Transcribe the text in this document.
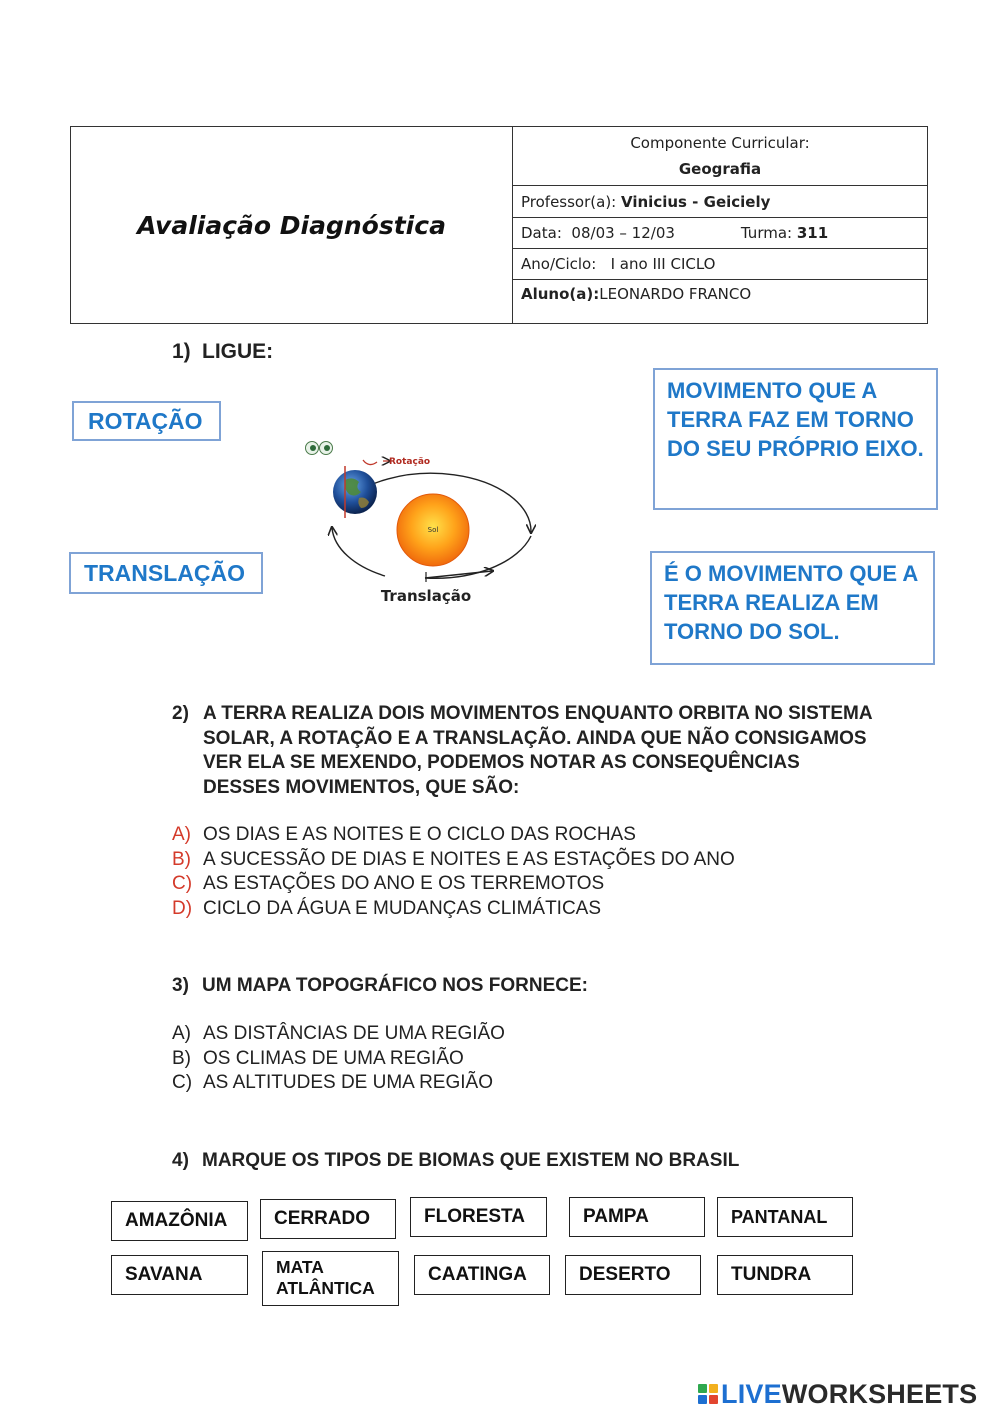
Avaliação Diagnóstica
Componente Curricular:
Geografia
Professor(a):
Vinicius - Geiciely
Data:
08/03 – 12/03	Turma:
311
Ano/Ciclo:
I ano III CICLO
Aluno(a): LEONARDO FRANCO
1) LIGUE:
ROTAÇÃO
TRANSLAÇÃO
MOVIMENTO QUE A TERRA FAZ EM TORNO DO SEU PRÓPRIO EIXO.
É O MOVIMENTO QUE A TERRA REALIZA EM TORNO DO SOL.
Sol
Rotação
Translação
2) A TERRA REALIZA DOIS MOVIMENTOS ENQUANTO ORBITA NO SISTEMA SOLAR, A ROTAÇÃO E A TRANSLAÇÃO. AINDA QUE NÃO CONSIGAMOS VER ELA SE MEXENDO, PODEMOS NOTAR AS CONSEQUÊNCIAS DESSES MOVIMENTOS, QUE SÃO:
A) OS DIAS E AS NOITES E O CICLO DAS ROCHAS
B) A SUCESSÃO DE DIAS E NOITES E AS ESTAÇÕES DO ANO
C) AS ESTAÇÕES DO ANO E OS TERREMOTOS
D) CICLO DA ÁGUA E MUDANÇAS CLIMÁTICAS
3) UM MAPA TOPOGRÁFICO NOS FORNECE:
A) AS DISTÂNCIAS DE UMA REGIÃO
B) OS CLIMAS DE UMA REGIÃO
C) AS ALTITUDES DE UMA REGIÃO
4) MARQUE OS TIPOS DE BIOMAS QUE EXISTEM NO BRASIL
AMAZÔNIA CERRADO	FLORESTA	PAMPA	PANTANAL
SAVANA	MATA ATLÂNTICA
CAATINGA	DESERTO	TUNDRA
LIVEWORKSHEETS
